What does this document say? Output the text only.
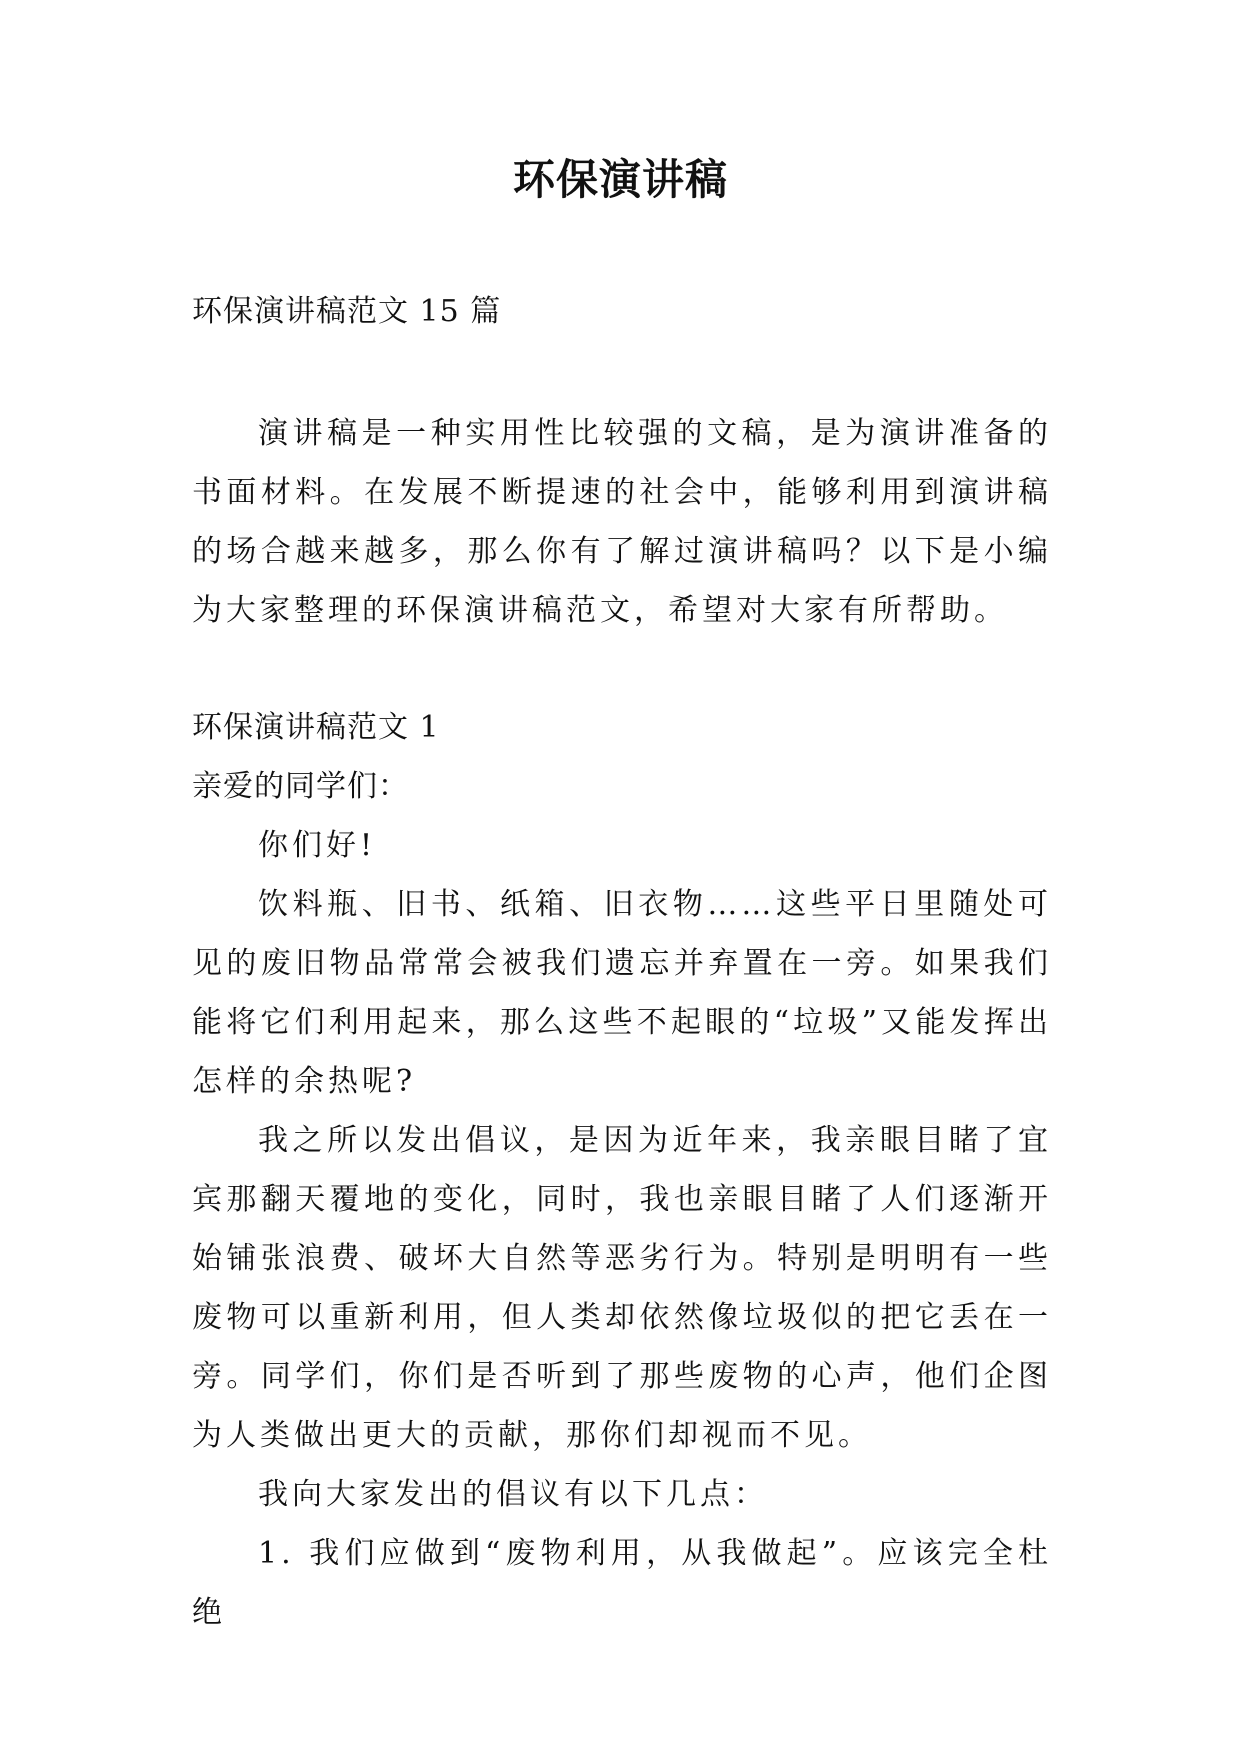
环保演讲稿

环保演讲稿范文 15 篇

演讲稿是一种实用性比较强的文稿，是为演讲准备的书面材料。在发展不断提速的社会中，能够利用到演讲稿的场合越来越多，那么你有了解过演讲稿吗？以下是小编为大家整理的环保演讲稿范文，希望对大家有所帮助。

环保演讲稿范文 1

亲爱的同学们：

你们好!

饮料瓶、旧书、纸箱、旧衣物……这些平日里随处可见的废旧物品常常会被我们遗忘并弃置在一旁。如果我们能将它们利用起来，那么这些不起眼的“垃圾”又能发挥出怎样的余热呢?

我之所以发出倡议，是因为近年来，我亲眼目睹了宜宾那翻天覆地的变化，同时，我也亲眼目睹了人们逐渐开始铺张浪费、破坏大自然等恶劣行为。特别是明明有一些废物可以重新利用，但人类却依然像垃圾似的把它丢在一旁。同学们，你们是否听到了那些废物的心声，他们企图为人类做出更大的贡献，那你们却视而不见。

我向大家发出的倡议有以下几点：

1. 我们应做到“废物利用，从我做起”。应该完全杜绝
